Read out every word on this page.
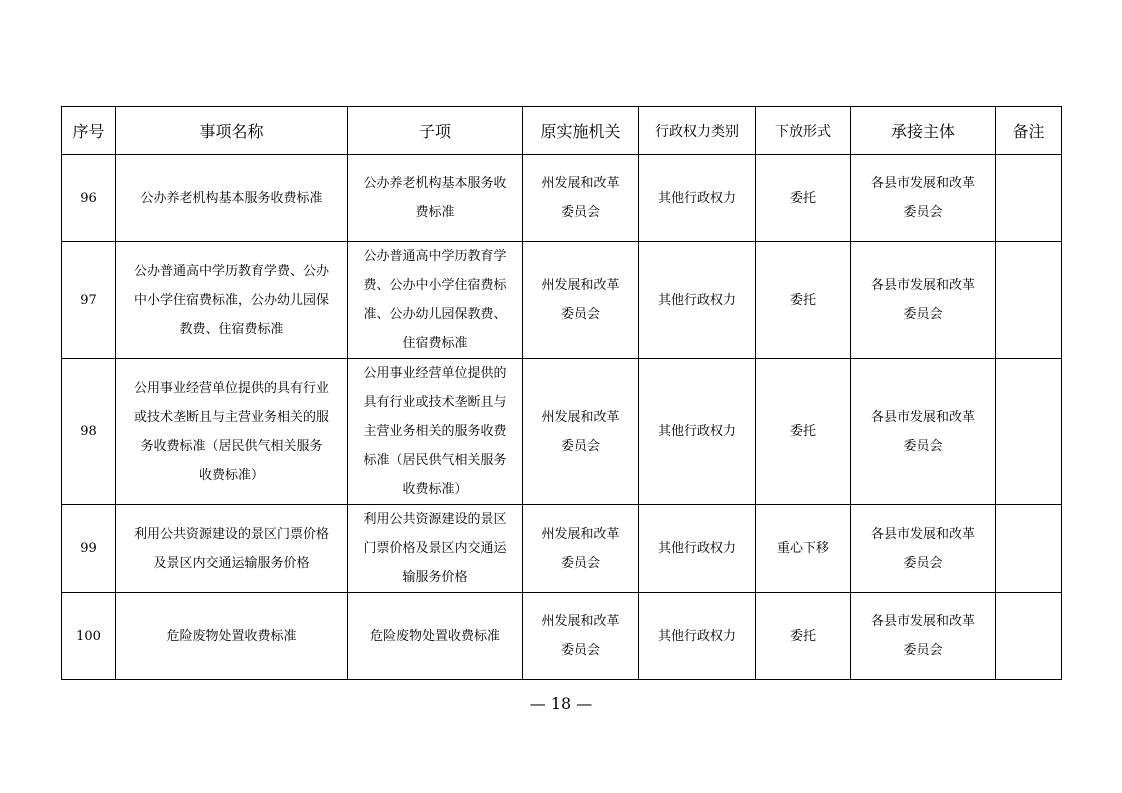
序号	事项名称	子项	原实施机关	行政权力类别	下放形式	承接主体	备注
96	公办养老机构基本服务收费标准	公办养老机构基本服务收
费标准	州发展和改革
委员会	其他行政权力	委托	各县市发展和改革
委员会	
97	公办普通高中学历教育学费、公办
中小学住宿费标准，公办幼儿园保
教费、住宿费标准	公办普通高中学历教育学
费、公办中小学住宿费标
准、公办幼儿园保教费、
住宿费标准	州发展和改革
委员会	其他行政权力	委托	各县市发展和改革
委员会	
98	公用事业经营单位提供的具有行业
或技术垄断且与主营业务相关的服
务收费标准（居民供气相关服务
收费标准）	公用事业经营单位提供的
具有行业或技术垄断且与
主营业务相关的服务收费
标准（居民供气相关服务
收费标准）	州发展和改革
委员会	其他行政权力	委托	各县市发展和改革
委员会	
99	利用公共资源建设的景区门票价格
及景区内交通运输服务价格	利用公共资源建设的景区
门票价格及景区内交通运
输服务价格	州发展和改革
委员会	其他行政权力	重心下移	各县市发展和改革
委员会	
100	危险废物处置收费标准	危险废物处置收费标准	州发展和改革
委员会	其他行政权力	委托	各县市发展和改革
委员会	
— 18 —
